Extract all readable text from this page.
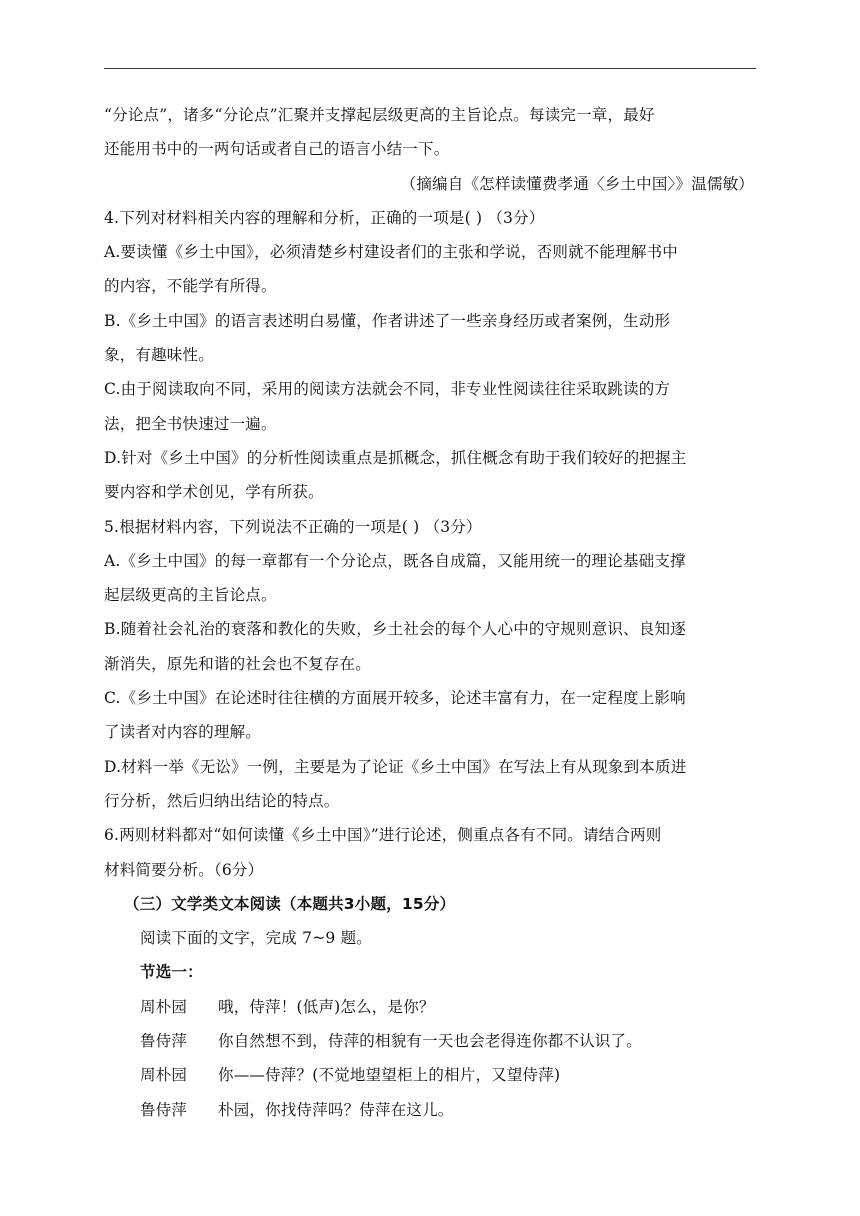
“分论点”，诸多“分论点”汇聚并支撑起层级更高的主旨论点。每读完一章，最好
还能用书中的一两句话或者自己的语言小结一下。
（摘编自《怎样读懂费孝通〈乡土中国〉》温儒敏）
4.下列对材料相关内容的理解和分析，正确的一项是( ) （3分）
A.要读懂《乡土中国》，必须清楚乡村建设者们的主张和学说，否则就不能理解书中
的内容，不能学有所得。
B.《乡土中国》的语言表述明白易懂，作者讲述了一些亲身经历或者案例，生动形
象，有趣味性。
C.由于阅读取向不同，采用的阅读方法就会不同，非专业性阅读往往采取跳读的方
法，把全书快速过一遍。
D.针对《乡土中国》的分析性阅读重点是抓概念，抓住概念有助于我们较好的把握主
要内容和学术创见，学有所获。
5.根据材料内容，下列说法不正确的一项是( ) （3分）
A.《乡土中国》的每一章都有一个分论点，既各自成篇，又能用统一的理论基础支撑
起层级更高的主旨论点。
B.随着社会礼治的衰落和教化的失败，乡土社会的每个人心中的守规则意识、良知逐
渐消失，原先和谐的社会也不复存在。
C.《乡土中国》在论述时往往横的方面展开较多，论述丰富有力，在一定程度上影响
了读者对内容的理解。
D.材料一举《无讼》一例，主要是为了论证《乡土中国》在写法上有从现象到本质进
行分析，然后归纳出结论的特点。
6.两则材料都对“如何读懂《乡土中国》”进行论述，侧重点各有不同。请结合两则
材料简要分析。（6分）
（三）文学类文本阅读（本题共3小题，15分）
阅读下面的文字，完成 7~9 题。
节选一：
周朴园	哦，侍萍！(低声)怎么，是你？
鲁侍萍	你自然想不到，侍萍的相貌有一天也会老得连你都不认识了。
周朴园	你——侍萍？(不觉地望望柜上的相片，又望侍萍)
鲁侍萍	朴园，你找侍萍吗？侍萍在这儿。
